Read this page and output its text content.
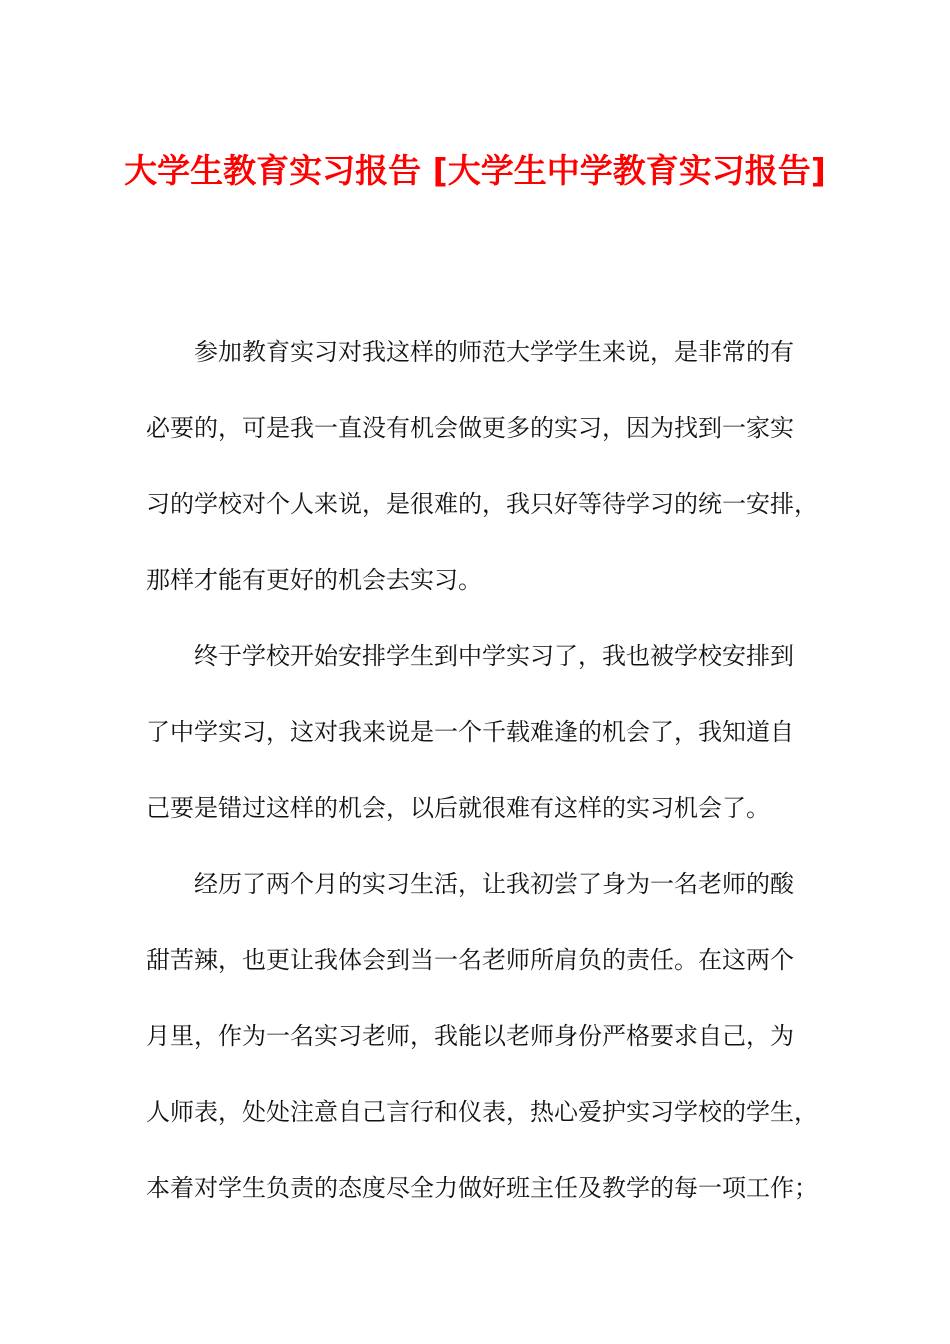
大学生教育实习报告 [大学生中学教育实习报告]
参加教育实习对我这样的师范大学学生来说，是非常的有
必要的，可是我一直没有机会做更多的实习，因为找到一家实
习的学校对个人来说，是很难的，我只好等待学习的统一安排，
那样才能有更好的机会去实习。
终于学校开始安排学生到中学实习了，我也被学校安排到
了中学实习，这对我来说是一个千载难逢的机会了，我知道自
己要是错过这样的机会，以后就很难有这样的实习机会了。
经历了两个月的实习生活，让我初尝了身为一名老师的酸
甜苦辣，也更让我体会到当一名老师所肩负的责任。在这两个
月里，作为一名实习老师，我能以老师身份严格要求自己，为
人师表，处处注意自己言行和仪表，热心爱护实习学校的学生，
本着对学生负责的态度尽全力做好班主任及教学的每一项工作；
